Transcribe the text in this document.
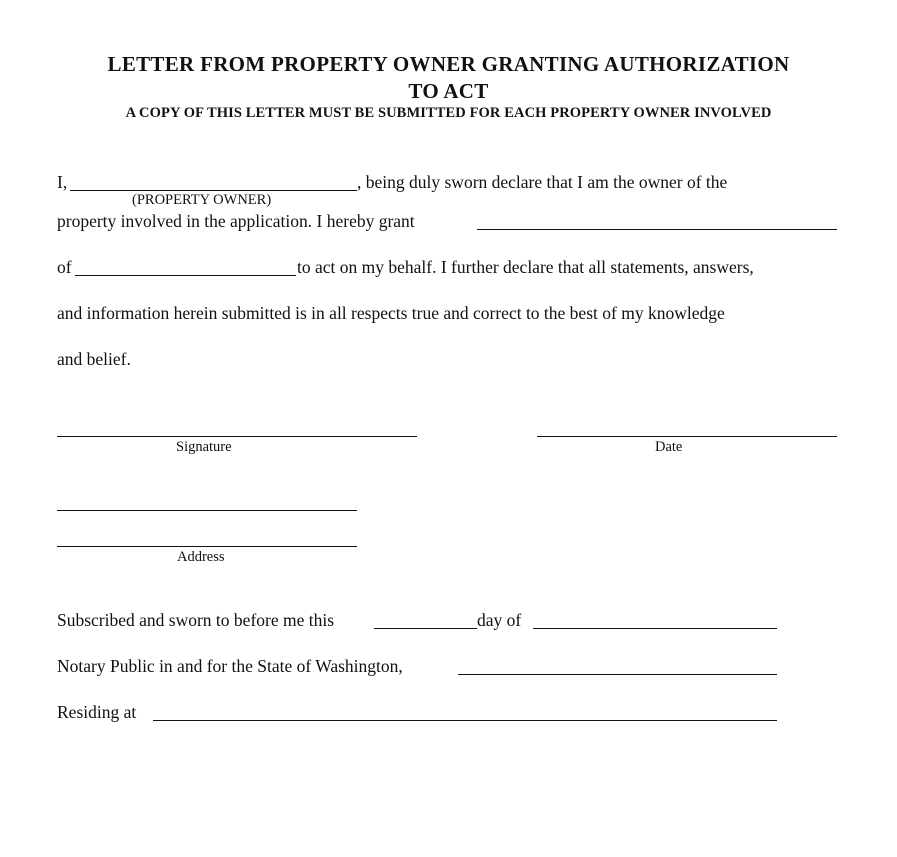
LETTER FROM PROPERTY OWNER GRANTING AUTHORIZATION
TO ACT
A COPY OF THIS LETTER MUST BE SUBMITTED FOR EACH PROPERTY OWNER INVOLVED
I,	, being duly sworn declare that I am the owner of the
(PROPERTY OWNER)
property involved in the application. I hereby grant
of	to act on my behalf. I further declare that all statements, answers,
and information herein submitted is in all respects true and correct to the best of my knowledge
and belief.
Signature	Date
Address
Subscribed and sworn to before me this	day of
Notary Public in and for the State of Washington,
Residing at
